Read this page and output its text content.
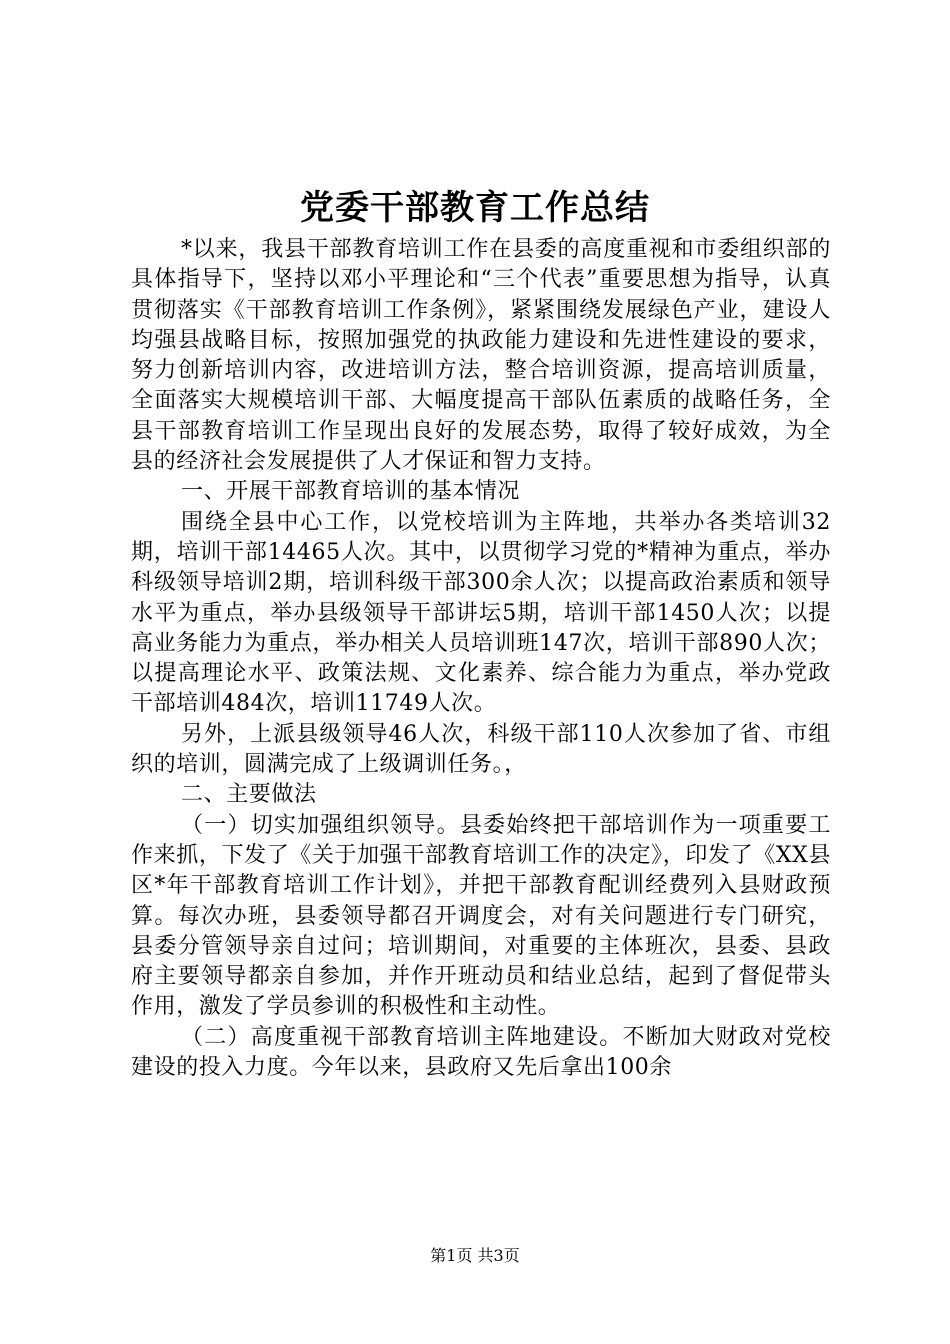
党委干部教育工作总结

*以来，我县干部教育培训工作在县委的高度重视和市委组织部的具体指导下，坚持以邓小平理论和“三个代表”重要思想为指导，认真贯彻落实《干部教育培训工作条例》，紧紧围绕发展绿色产业，建设人均强县战略目标，按照加强党的执政能力建设和先进性建设的要求，努力创新培训内容，改进培训方法，整合培训资源，提高培训质量，全面落实大规模培训干部、大幅度提高干部队伍素质的战略任务，全县干部教育培训工作呈现出良好的发展态势，取得了较好成效，为全县的经济社会发展提供了人才保证和智力支持。

一、开展干部教育培训的基本情况

围绕全县中心工作，以党校培训为主阵地，共举办各类培训32期，培训干部14465人次。其中，以贯彻学习党的*精神为重点，举办科级领导培训2期，培训科级干部300余人次；以提高政治素质和领导水平为重点，举办县级领导干部讲坛5期，培训干部1450人次；以提高业务能力为重点，举办相关人员培训班147次，培训干部890人次；以提高理论水平、政策法规、文化素养、综合能力为重点，举办党政干部培训484次，培训11749人次。

另外，上派县级领导46人次，科级干部110人次参加了省、市组织的培训，圆满完成了上级调训任务。，

二、主要做法

（一）切实加强组织领导。县委始终把干部培训作为一项重要工作来抓，下发了《关于加强干部教育培训工作的决定》，印发了《XX县区*年干部教育培训工作计划》，并把干部教育配训经费列入县财政预算。每次办班，县委领导都召开调度会，对有关问题进行专门研究，县委分管领导亲自过问；培训期间，对重要的主体班次，县委、县政府主要领导都亲自参加，并作开班动员和结业总结，起到了督促带头作用，激发了学员参训的积极性和主动性。

（二）高度重视干部教育培训主阵地建设。不断加大财政对党校建设的投入力度。今年以来，县政府又先后拿出100余

第1页 共3页
